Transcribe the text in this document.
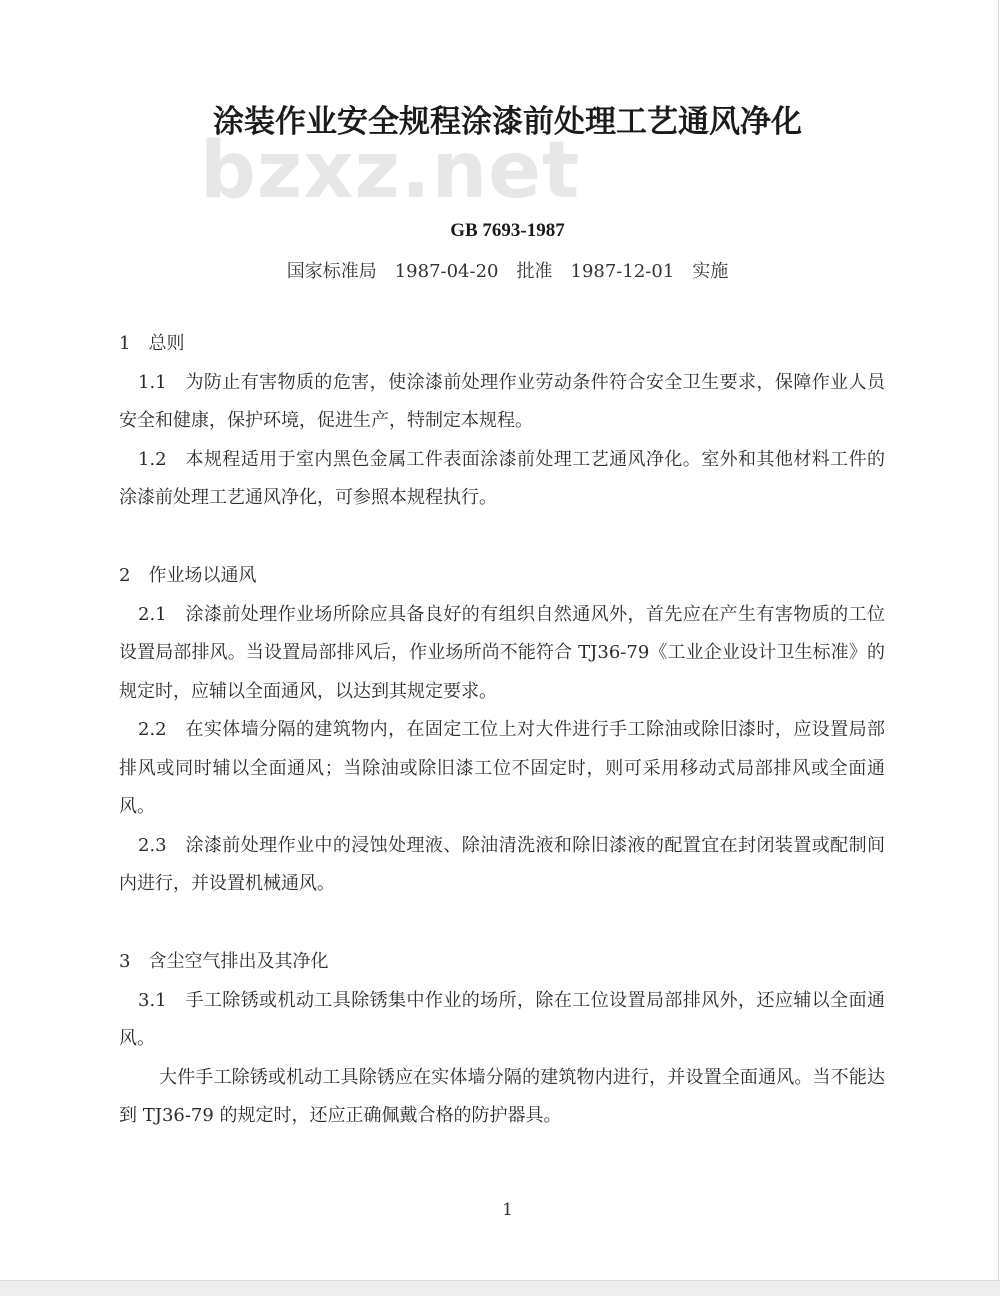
bzxz.net
涂装作业安全规程涂漆前处理工艺通风净化
GB 7693-1987
国家标准局　1987-04-20　批准　1987-12-01　实施

1　总则

1.1　为防止有害物质的危害，使涂漆前处理作业劳动条件符合安全卫生要求，保障作业人员安全和健康，保护环境，促进生产，特制定本规程。

1.2　本规程适用于室内黑色金属工件表面涂漆前处理工艺通风净化。室外和其他材料工件的涂漆前处理工艺通风净化，可参照本规程执行。

2　作业场以通风

2.1　涂漆前处理作业场所除应具备良好的有组织自然通风外，首先应在产生有害物质的工位设置局部排风。当设置局部排风后，作业场所尚不能符合 TJ36-79《工业企业设计卫生标准》的规定时，应辅以全面通风，以达到其规定要求。

2.2　在实体墙分隔的建筑物内，在固定工位上对大件进行手工除油或除旧漆时，应设置局部排风或同时辅以全面通风；当除油或除旧漆工位不固定时，则可采用移动式局部排风或全面通风。

2.3　涂漆前处理作业中的浸蚀处理液、除油清洗液和除旧漆液的配置宜在封闭装置或配制间内进行，并设置机械通风。

3　含尘空气排出及其净化

3.1　手工除锈或机动工具除锈集中作业的场所，除在工位设置局部排风外，还应辅以全面通风。

大件手工除锈或机动工具除锈应在实体墙分隔的建筑物内进行，并设置全面通风。当不能达到 TJ36-79 的规定时，还应正确佩戴合格的防护器具。

1
